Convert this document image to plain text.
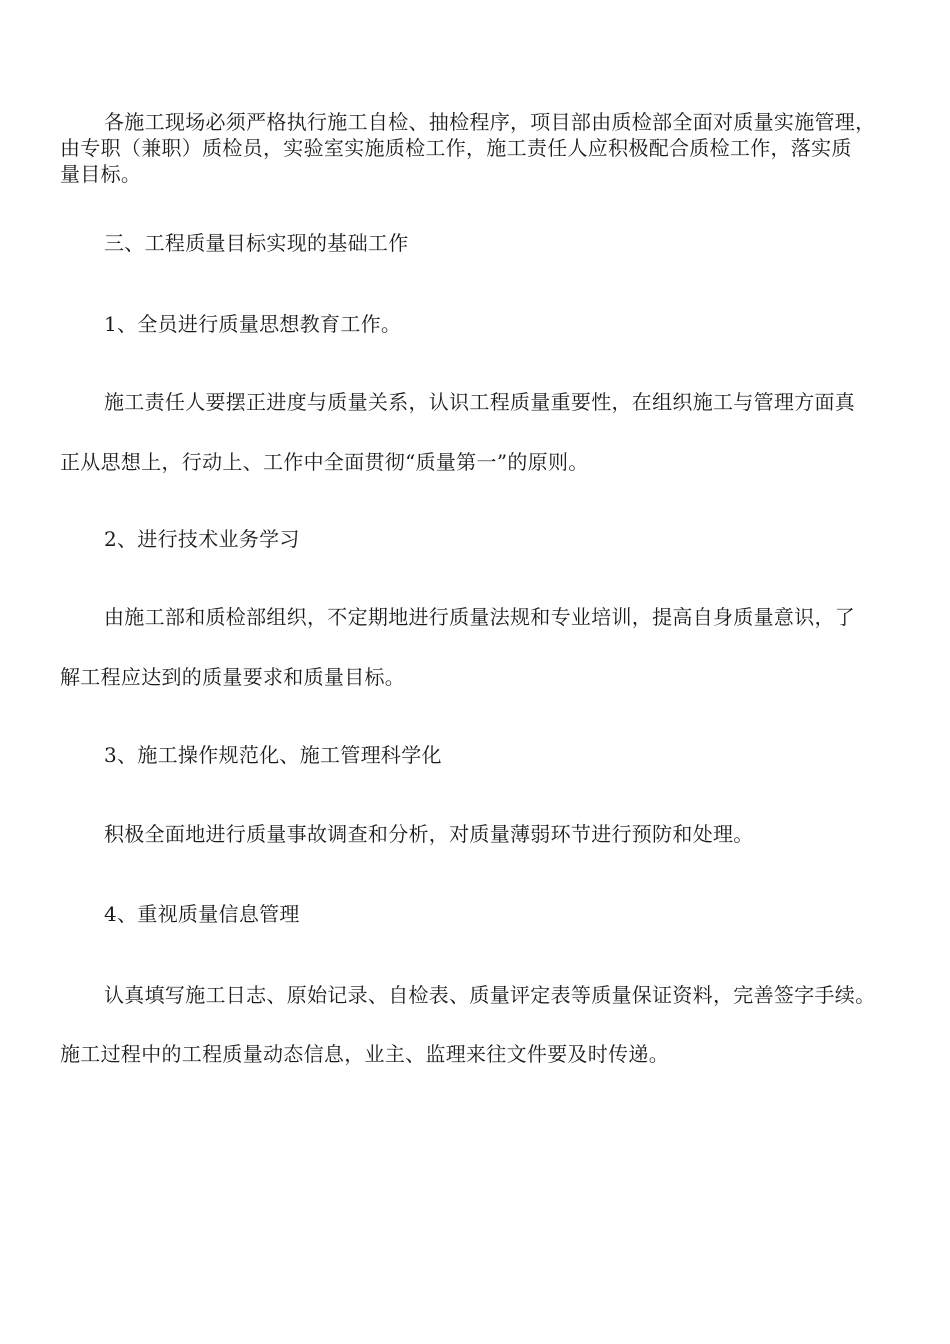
各施工现场必须严格执行施工自检、抽检程序，项目部由质检部全面对质量实施管理，
由专职（兼职）质检员，实验室实施质检工作，施工责任人应积极配合质检工作，落实质
量目标。
三、工程质量目标实现的基础工作
1、全员进行质量思想教育工作。
施工责任人要摆正进度与质量关系，认识工程质量重要性，在组织施工与管理方面真
正从思想上，行动上、工作中全面贯彻“质量第一”的原则。
2、进行技术业务学习
由施工部和质检部组织，不定期地进行质量法规和专业培训，提高自身质量意识，了
解工程应达到的质量要求和质量目标。
3、施工操作规范化、施工管理科学化
积极全面地进行质量事故调查和分析，对质量薄弱环节进行预防和处理。
4、重视质量信息管理
认真填写施工日志、原始记录、自检表、质量评定表等质量保证资料，完善签字手续。
施工过程中的工程质量动态信息，业主、监理来往文件要及时传递。
